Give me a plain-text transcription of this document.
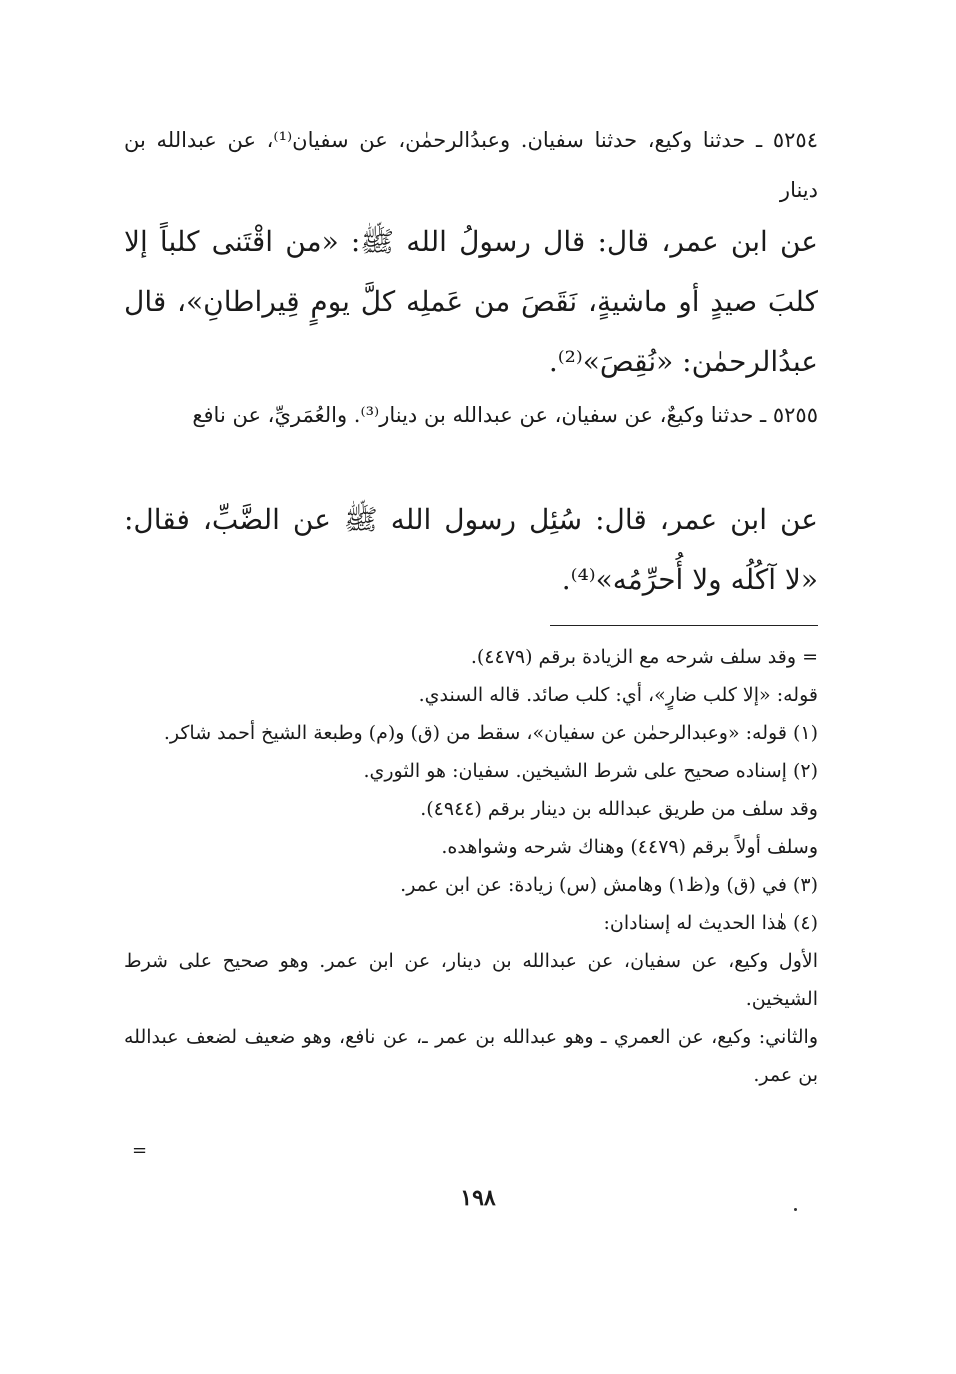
٥٢٥٤ ـ حدثنا وكيع، حدثنا سفيان. وعبدُالرحمٰن، عن سفيان⁽¹⁾، عن عبدالله بن دينار
عن ابن عمر، قال: قال رسولُ الله ﷺ: «من اقْتَنى كلباً إلا كلبَ صيدٍ أو ماشيةٍ، نَقَصَ من عَملِه كلَّ يومٍ قِيراطانِ»، قال عبدُالرحمٰن: «نُقِصَ»⁽²⁾.
٥٢٥٥ ـ حدثنا وكيعٌ، عن سفيان، عن عبدالله بن دينار⁽³⁾. والعُمَريِّ، عن نافع
عن ابن عمر، قال: سُئِل رسول الله ﷺ عن الضَّبِّ، فقال: «لا آكُلُه ولا أُحرِّمُه»⁽⁴⁾.
= وقد سلف شرحه مع الزيادة برقم (٤٤٧٩).
قوله: «إلا كلب ضارٍ»، أي: كلب صائد. قاله السندي.
(١) قوله: «وعبدالرحمٰن عن سفيان»، سقط من (ق) و(م) وطبعة الشيخ أحمد شاكر.
(٢) إسناده صحيح على شرط الشيخين. سفيان: هو الثوري.
وقد سلف من طريق عبدالله بن دينار برقم (٤٩٤٤).
وسلف أولاً برقم (٤٤٧٩) وهناك شرحه وشواهده.
(٣) في (ق) و(ظ١) وهامش (س) زيادة: عن ابن عمر.
(٤) هٰذا الحديث له إسنادان:
الأول وكيع، عن سفيان، عن عبدالله بن دينار، عن ابن عمر. وهو صحيح على شرط الشيخين.
والثاني: وكيع، عن العمري ـ وهو عبدالله بن عمر ـ، عن نافع، وهو ضعيف لضعف عبدالله بن عمر.
=
١٩٨
